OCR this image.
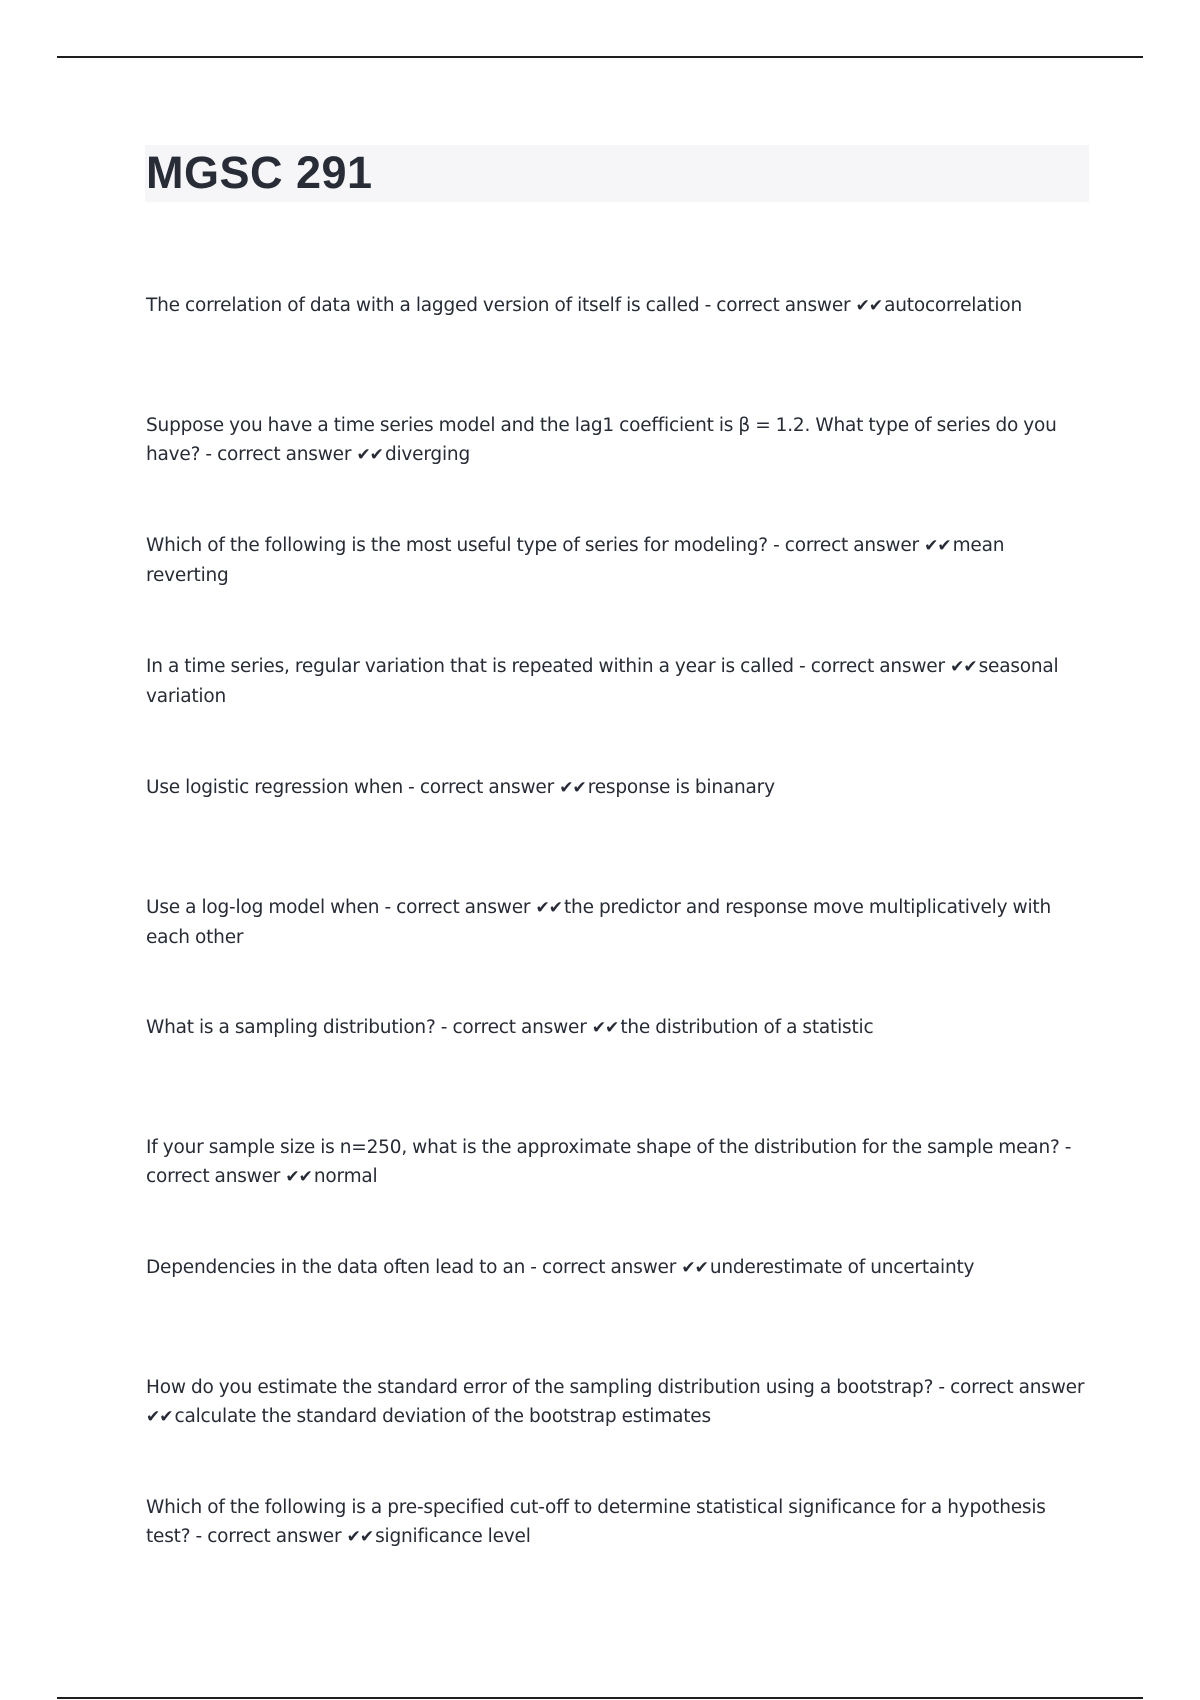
MGSC 291
The correlation of data with a lagged version of itself is called - correct answer ✔✔ autocorrelation
Suppose you have a time series model and the lag1 coefficient is β = 1.2. What type of series do you have? - correct answer ✔✔ diverging
Which of the following is the most useful type of series for modeling? - correct answer ✔✔ mean reverting
In a time series, regular variation that is repeated within a year is called - correct answer ✔✔ seasonal variation
Use logistic regression when - correct answer ✔✔ response is binanary
Use a log-log model when - correct answer ✔✔ the predictor and response move multiplicatively with each other
What is a sampling distribution? - correct answer ✔✔ the distribution of a statistic
If your sample size is n=250, what is the approximate shape of the distribution for the sample mean? - correct answer ✔✔ normal
Dependencies in the data often lead to an - correct answer ✔✔ underestimate of uncertainty
How do you estimate the standard error of the sampling distribution using a bootstrap? - correct answer ✔✔ calculate the standard deviation of the bootstrap estimates
Which of the following is a pre-specified cut-off to determine statistical significance for a hypothesis test? - correct answer ✔✔ significance level
